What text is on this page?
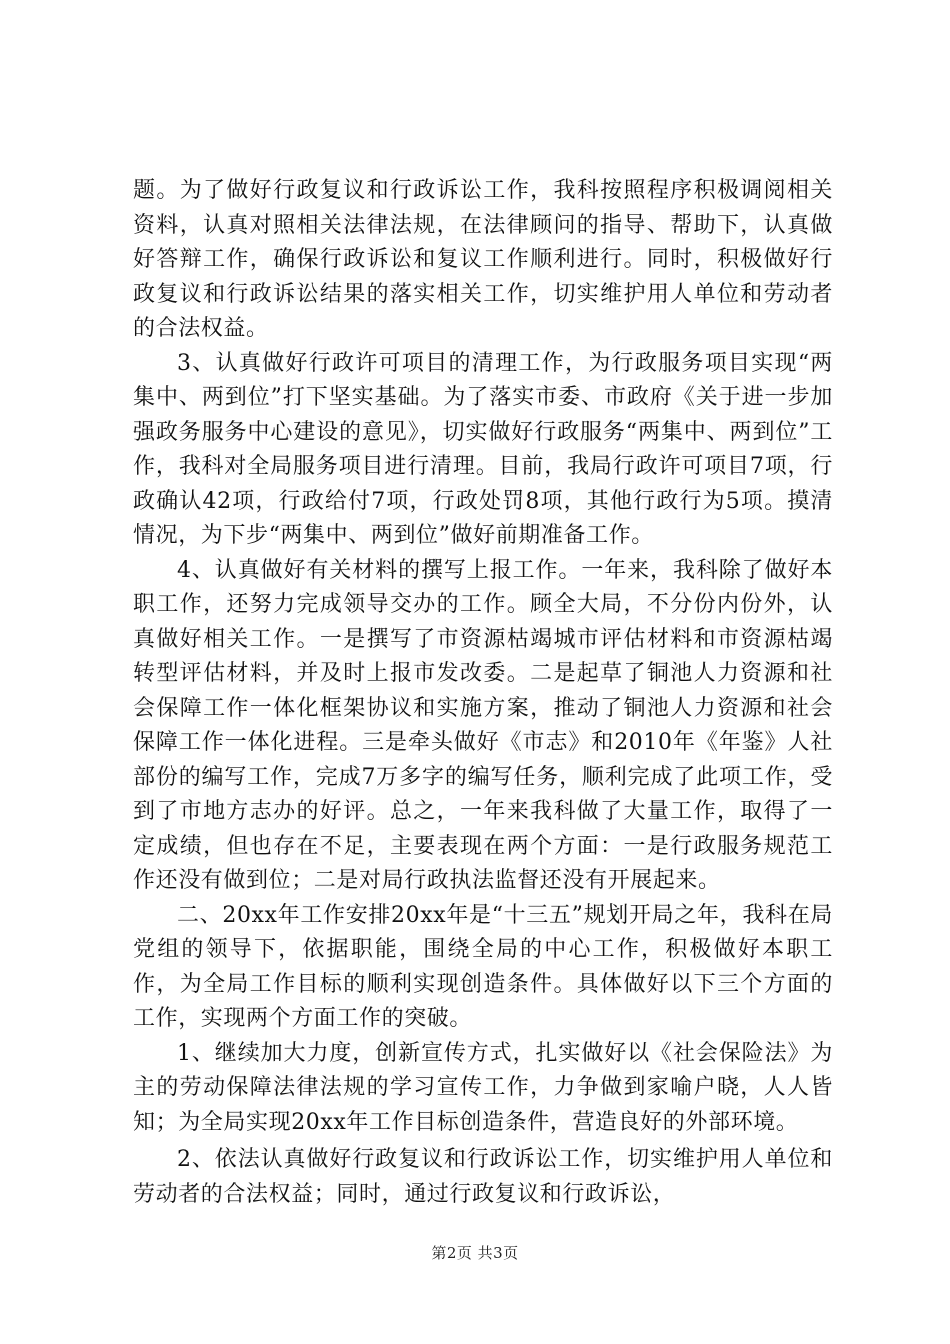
题。为了做好行政复议和行政诉讼工作，我科按照程序积极调阅相关资料，认真对照相关法律法规，在法律顾问的指导、帮助下，认真做好答辩工作，确保行政诉讼和复议工作顺利进行。同时，积极做好行政复议和行政诉讼结果的落实相关工作，切实维护用人单位和劳动者的合法权益。

3、认真做好行政许可项目的清理工作，为行政服务项目实现“两集中、两到位”打下坚实基础。为了落实市委、市政府《关于进一步加强政务服务中心建设的意见》，切实做好行政服务“两集中、两到位”工作，我科对全局服务项目进行清理。目前，我局行政许可项目7项，行政确认42项，行政给付7项，行政处罚8项，其他行政行为5项。摸清情况，为下步“两集中、两到位”做好前期准备工作。

4、认真做好有关材料的撰写上报工作。一年来，我科除了做好本职工作，还努力完成领导交办的工作。顾全大局，不分份内份外，认真做好相关工作。一是撰写了市资源枯竭城市评估材料和市资源枯竭转型评估材料，并及时上报市发改委。二是起草了铜池人力资源和社会保障工作一体化框架协议和实施方案，推动了铜池人力资源和社会保障工作一体化进程。三是牵头做好《市志》和2010年《年鉴》人社部份的编写工作，完成7万多字的编写任务，顺利完成了此项工作，受到了市地方志办的好评。总之，一年来我科做了大量工作，取得了一定成绩，但也存在不足，主要表现在两个方面：一是行政服务规范工作还没有做到位；二是对局行政执法监督还没有开展起来。

二、20xx年工作安排20xx年是“十三五”规划开局之年，我科在局党组的领导下，依据职能，围绕全局的中心工作，积极做好本职工作，为全局工作目标的顺利实现创造条件。具体做好以下三个方面的工作，实现两个方面工作的突破。

1、继续加大力度，创新宣传方式，扎实做好以《社会保险法》为主的劳动保障法律法规的学习宣传工作，力争做到家喻户晓，人人皆知；为全局实现20xx年工作目标创造条件，营造良好的外部环境。

2、依法认真做好行政复议和行政诉讼工作，切实维护用人单位和劳动者的合法权益；同时，通过行政复议和行政诉讼，

第2页 共3页
